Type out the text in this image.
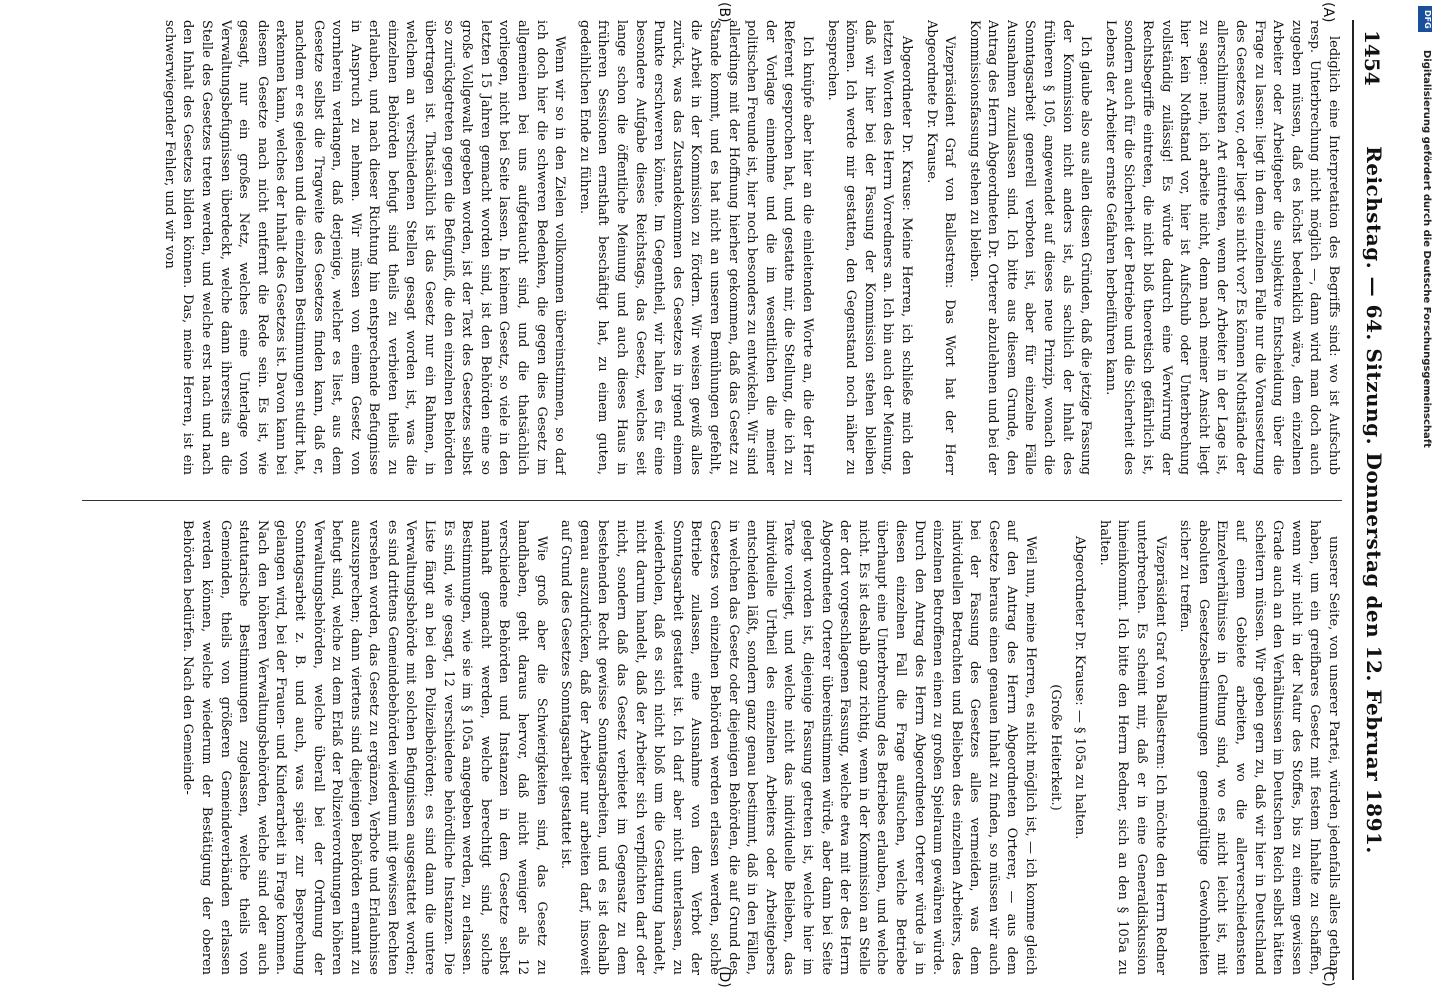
1454
Reichstag. — 64. Sitzung. Donnerstag den 12. Februar 1891.

lediglich eine Interpretation des Begriffs sind: wo ist Aufschub resp. Unterbrechung nicht möglich —, dann wird man doch auch zugeben müssen, daß es höchst bedenklich wäre, dem einzelnen Arbeiter oder Arbeitgeber die subjektive Entscheidung über die Frage zu lassen: liegt in dem einzelnen Falle nur die Voraussetzung des Gesetzes vor, oder liegt sie nicht vor? Es können Nothstände der allerschlimmsten Art eintreten, wenn der Arbeiter in der Lage ist, zu sagen: nein, ich arbeite nicht, denn nach meiner Ansicht liegt hier kein Nothstand vor, hier ist Aufschub oder Unterbrechung vollständig zulässig! Es würde dadurch eine Verwirrung der Rechtsbegriffe eintreten, die nicht bloß theoretisch gefährlich ist, sondern auch für die Sicherheit der Betriebe und die Sicherheit des Lebens der Arbeiter ernste Gefahren herbeiführen kann.

Ich glaube also aus allen diesen Gründen, daß die jetzige Fassung der Kommission nicht anders ist, als sachlich der Inhalt des früheren § 105, angewendet auf dieses neue Prinzip, wonach die Sonntagsarbeit generell verboten ist, aber für einzelne Fälle Ausnahmen zuzulassen sind. Ich bitte aus diesem Grunde, den Antrag des Herrn Abgeordneten Dr. Orterer abzulehnen und bei der Kommissionsfassung stehen zu bleiben.

Vizepräsident Graf von Ballestrem: Das Wort hat der Herr Abgeordnete Dr. Krause.

Abgeordneter Dr. Krause: Meine Herren, ich schließe mich den letzten Worten des Herrn Vorredners an. Ich bin auch der Meinung, daß wir hier bei der Fassung der Kommission stehen bleiben können. Ich werde mir gestatten, den Gegenstand noch näher zu besprechen.

Ich knüpfe aber hier an die einleitenden Worte an, die der Herr Referent gesprochen hat, und gestatte mir, die Stellung, die ich zu der Vorlage einnehme und die im wesentlichen die meiner politischen Freunde ist, hier noch besonders zu entwickeln. Wir sind allerdings mit der Hoffnung hierher gekommen, daß das Gesetz zu Stande kommt, und es hat nicht an unseren Bemühungen gefehlt, die Arbeit in der Kommission zu fördern. Wir weisen gewiß alles zurück, was das Zustandekommen des Gesetzes in irgend einem Punkte erschweren könnte. Im Gegentheil, wir halten es für eine besondere Aufgabe dieses Reichstags, das Gesetz, welches seit lange schon die öffentliche Meinung und auch dieses Haus in früheren Sessionen ernsthaft beschäftigt hat, zu einem guten, gedeihlichen Ende zu führen.

Wenn wir so in den Zielen vollkommen übereinstimmen, so darf ich doch hier die schweren Bedenken, die gegen dies Gesetz im allgemeinen bei uns aufgetaucht sind, und die thatsächlich vorliegen, nicht bei Seite lassen. In keinem Gesetz, so viele in den letzten 15 Jahren gemacht worden sind, ist den Behörden eine so große Vollgewalt gegeben worden, ist der Text des Gesetzes selbst so zurückgetreten gegen die Befugniß, die den einzelnen Behörden übertragen ist. Thatsächlich ist das Gesetz nur ein Rahmen, in welchem an verschiedenen Stellen gesagt worden ist, was die einzelnen Behörden befugt sind theils zu verbieten theils zu erlauben, und nach dieser Richtung hin entsprechende Befugnisse in Anspruch zu nehmen. Wir müssen von einem Gesetz von vornherein verlangen, daß derjenige, welcher es liest, aus dem Gesetze selbst die Tragweite des Gesetzes finden kann, daß er, nachdem er es gelesen und die einzelnen Bestimmungen studirt hat, erkennen kann, welches der Inhalt des Gesetzes ist. Davon kann bei diesem Gesetze nach nicht entfernt die Rede sein. Es ist, wie gesagt, nur ein großes Netz, welches eine Unterlage von Verwaltungsbefugnissen überdeckt, welche dann ihrerseits an die Stelle des Gesetzes treten werden, und welche erst nach und nach den Inhalt des Gesetzes bilden können. Das, meine Herren, ist ein schwerwiegender Fehler, und wir von

unserer Seite, von unserer Partei, würden jedenfalls alles gethan haben, um ein greifbares Gesetz mit festem Inhalte zu schaffen, wenn wir nicht in der Natur des Stoffes, bis zu einem gewissen Grade auch an den Verhältnissen im Deutschen Reich selbst hätten scheitern müssen. Wir geben gern zu, daß wir hier in Deutschland auf einem Gebiete arbeiten, wo die allerverschiedensten Einzelverhältnisse in Geltung sind, wo es nicht leicht ist, mit absoluten Gesetzesbestimmungen gemeingültige Gewohnheiten sicher zu treffen.

Vizepräsident Graf von Ballestrem: Ich möchte den Herrn Redner unterbrechen. Es scheint mir, daß er in eine Generaldiskussion hineinkommt. Ich bitte den Herrn Redner, sich an den § 105a zu halten.

Abgeordneter Dr. Krause: — § 105a zu halten.

(Große Heiterkeit.)

Weil nun, meine Herren, es nicht möglich ist, — ich komme gleich auf den Antrag des Herrn Abgeordneten Orterer, — aus dem Gesetze heraus einen genauen Inhalt zu finden, so müssen wir auch bei der Fassung des Gesetzes alles vermeiden, was dem individuellen Betrachten und Belieben des einzelnen Arbeiters, des einzelnen Betroffenen einen zu großen Spielraum gewähren würde. Durch den Antrag des Herrn Abgeordneten Orterer würde ja in diesen einzelnen Fall die Frage aufsuchen, welche Betriebe überhaupt eine Unterbrechung des Betriebes erlauben, und welche nicht. Es ist deshalb ganz richtig, wenn in der Kommission an Stelle der dort vorgeschlagenen Fassung, welche etwa mit der des Herrn Abgeordneten Orterer übereinstimmen würde, aber dann bei Seite gelegt worden ist, diejenige Fassung getreten ist, welche hier im Texte vorliegt, und welche nicht das individuelle Belieben, das individuelle Urtheil des einzelnen Arbeiters oder Arbeitgebers entscheiden läßt, sondern ganz genau bestimmt, daß in den Fällen, in welchen das Gesetz oder diejenigen Behörden, die auf Grund des Gesetzes von einzelnen Behörden werden erlassen werden, solche Betriebe zulassen, eine Ausnahme von dem Verbot der Sonntagsarbeit gestattet ist. Ich darf aber nicht unterlassen, zu wiederholen, daß es sich nicht bloß um die Gestattung handelt, nicht darum handelt, daß der Arbeiter sich verpflichten darf oder nicht, sondern daß das Gesetz verbietet im Gegensatz zu dem bestehenden Recht gewisse Sonntagsarbeiten, und es ist deshalb genau auszudrücken, daß der Arbeiter nur arbeiten darf, insoweit auf Grund des Gesetzes Sonntagsarbeit gestattet ist.

Wie groß aber die Schwierigkeiten sind, das Gesetz zu handhaben, geht daraus hervor, daß nicht weniger als 12 verschiedene Behörden und Instanzen in dem Gesetze selbst namhaft gemacht werden, welche berechtigt sind, solche Bestimmungen, wie sie im § 105a angegeben werden, zu erlassen. Es sind, wie gesagt, 12 verschiedene behördliche Instanzen. Die Liste fängt an bei den Polizeibehörden; es sind dann die untere Verwaltungsbehörde mit solchen Befugnissen ausgestattet worden; es sind drittens Gemeindebehörden wiederum mit gewissen Rechten versehen worden, das Gesetz zu ergänzen, Verbote und Erlaubnisse auszusprechen; dann viertens sind diejenigen Behörden ernannt zu befugt sind, welche zu dem Erlaß der Polizeiverordnungen höheren Verwaltungsbehörden, welche überall bei der Ordnung der Sonntagsarbeit z. B. und auch, was später zur Besprechung gelangen wird, bei der Frauen- und Kinderarbeit in Frage kommen. Nach den höheren Verwaltungsbehörden, welche sind oder auch statutarische Bestimmungen zugelassen, welche theils von Gemeinden, theils von größeren Gemeindeverbänden erlassen werden können, welche wiederum der Bestätigung der oberen Behörden bedürfen. Nach den Gemeinde-

(A)
(B)
(C)
(D)
DFG
Digitalisierung gefördert durch die Deutsche Forschungsgemeinschaft
